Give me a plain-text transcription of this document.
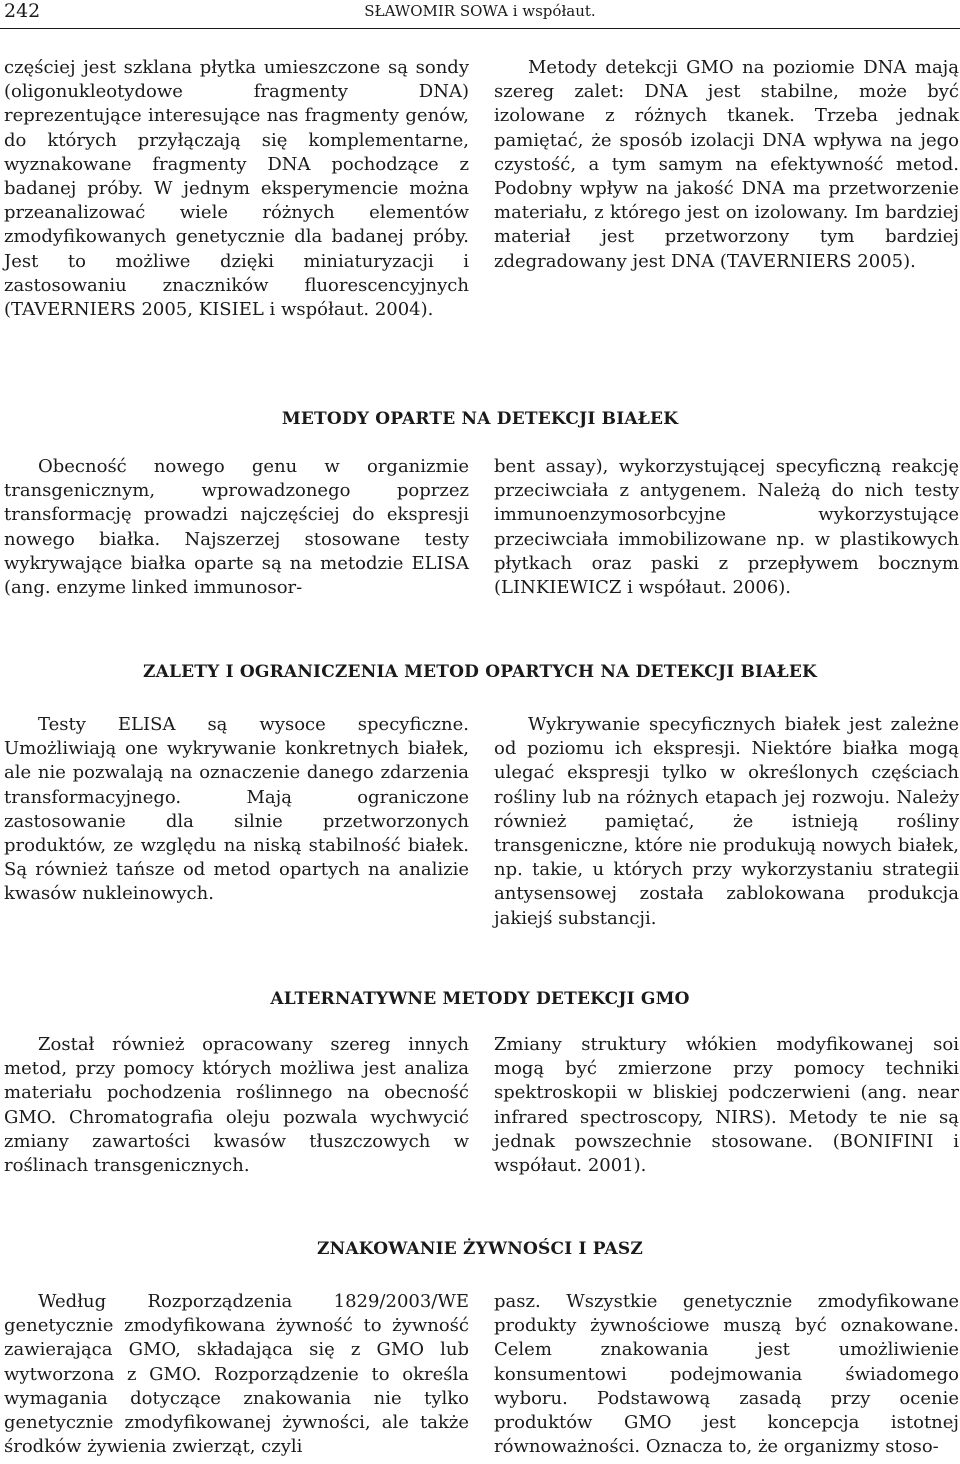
242	SŁAWOMIR SOWA i współaut.

częściej jest szklana płytka umieszczone są sondy (oligonukleotydowe fragmenty DNA) reprezentujące interesujące nas fragmenty genów, do których przyłączają się komplementarne, wyznakowane fragmenty DNA pochodzące z badanej próby. W jednym eksperymencie można przeanalizować wiele różnych elementów zmodyfikowanych genetycznie dla badanej próby. Jest to możliwe dzięki miniaturyzacji i zastosowaniu znaczników fluorescencyjnych (TAVERNIERS 2005, KISIEL i współaut. 2004).

Metody detekcji GMO na poziomie DNA mają szereg zalet: DNA jest stabilne, może być izolowane z różnych tkanek. Trzeba jednak pamiętać, że sposób izolacji DNA wpływa na jego czystość, a tym samym na efektywność metod. Podobny wpływ na jakość DNA ma przetworzenie materiału, z którego jest on izolowany. Im bardziej materiał jest przetworzony tym bardziej zdegradowany jest DNA (TAVERNIERS 2005).

METODY OPARTE NA DETEKCJI BIAŁEK

Obecność nowego genu w organizmie transgenicznym, wprowadzonego poprzez transformację prowadzi najczęściej do ekspresji nowego białka. Najszerzej stosowane testy wykrywające białka oparte są na metodzie ELISA (ang. enzyme linked immunosor-

bent assay), wykorzystującej specyficzną reakcję przeciwciała z antygenem. Należą do nich testy immunoenzymosorbcyjne wykorzystujące przeciwciała immobilizowane np. w plastikowych płytkach oraz paski z przepływem bocznym (LINKIEWICZ i współaut. 2006).

ZALETY I OGRANICZENIA METOD OPARTYCH NA DETEKCJI BIAŁEK

Testy ELISA są wysoce specyficzne. Umożliwiają one wykrywanie konkretnych białek, ale nie pozwalają na oznaczenie danego zdarzenia transformacyjnego. Mają ograniczone zastosowanie dla silnie przetworzonych produktów, ze względu na niską stabilność białek. Są również tańsze od metod opartych na analizie kwasów nukleinowych.

Wykrywanie specyficznych białek jest zależne od poziomu ich ekspresji. Niektóre białka mogą ulegać ekspresji tylko w określonych częściach rośliny lub na różnych etapach jej rozwoju. Należy również pamiętać, że istnieją rośliny transgeniczne, które nie produkują nowych białek, np. takie, u których przy wykorzystaniu strategii antysensowej została zablokowana produkcja jakiejś substancji.

ALTERNATYWNE METODY DETEKCJI GMO

Został również opracowany szereg innych metod, przy pomocy których możliwa jest analiza materiału pochodzenia roślinnego na obecność GMO. Chromatografia oleju pozwala wychwycić zmiany zawartości kwasów tłuszczowych w roślinach transgenicznych.

Zmiany struktury włókien modyfikowanej soi mogą być zmierzone przy pomocy techniki spektroskopii w bliskiej podczerwieni (ang. near infrared spectroscopy, NIRS). Metody te nie są jednak powszechnie stosowane. (BONIFINI i współaut. 2001).

ZNAKOWANIE ŻYWNOŚCI I PASZ

Według Rozporządzenia 1829/2003/WE genetycznie zmodyfikowana żywność to żywność zawierająca GMO, składająca się z GMO lub wytworzona z GMO. Rozporządzenie to określa wymagania dotyczące znakowania nie tylko genetycznie zmodyfikowanej żywności, ale także środków żywienia zwierząt, czyli

pasz. Wszystkie genetycznie zmodyfikowane produkty żywnościowe muszą być oznakowane. Celem znakowania jest umożliwienie konsumentowi podejmowania świadomego wyboru. Podstawową zasadą przy ocenie produktów GMO jest koncepcja istotnej równoważności. Oznacza to, że organizmy stoso-
